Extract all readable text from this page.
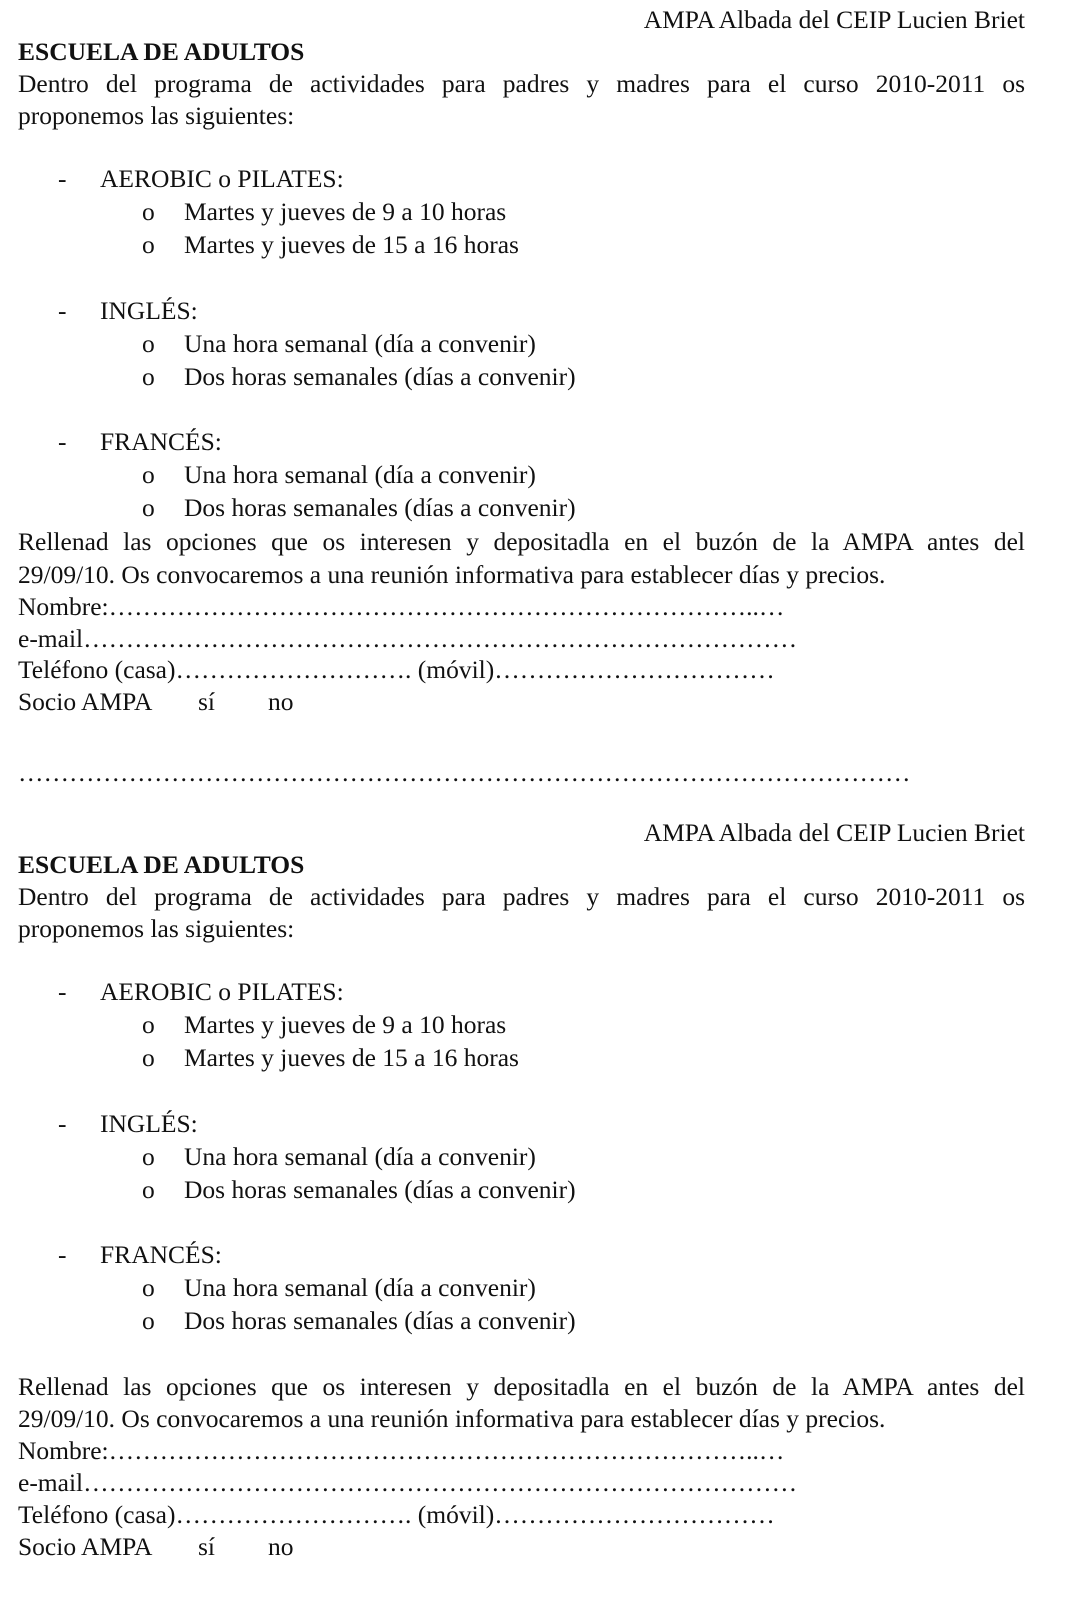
AMPA Albada del CEIP Lucien Briet
ESCUELA DE ADULTOS
Dentro del programa de actividades para padres y madres para el curso 2010-2011 os
proponemos las siguientes:
- AEROBIC o PILATES:
o Martes y jueves de 9 a 10 horas
o Martes y jueves de 15 a 16 horas
- INGLÉS:
o Una hora semanal (día a convenir)
o Dos horas semanales (días a convenir)
- FRANCÉS:
o Una hora semanal (día a convenir)
o Dos horas semanales (días a convenir)
Rellenad las opciones que os interesen y depositadla en el buzón de la AMPA antes del
29/09/10. Os convocaremos a una reunión informativa para establecer días y precios.
Nombre:…………………………………………………………………..…
e-mail…………………………………………………………………………
Teléfono (casa)………………………. (móvil)……………………………
Socio AMPA sí no
……………………………………………………………………………………………
AMPA Albada del CEIP Lucien Briet
ESCUELA DE ADULTOS
Dentro del programa de actividades para padres y madres para el curso 2010-2011 os
proponemos las siguientes:
- AEROBIC o PILATES:
o Martes y jueves de 9 a 10 horas
o Martes y jueves de 15 a 16 horas
- INGLÉS:
o Una hora semanal (día a convenir)
o Dos horas semanales (días a convenir)
- FRANCÉS:
o Una hora semanal (día a convenir)
o Dos horas semanales (días a convenir)
Rellenad las opciones que os interesen y depositadla en el buzón de la AMPA antes del
29/09/10. Os convocaremos a una reunión informativa para establecer días y precios.
Nombre:…………………………………………………………………..…
e-mail…………………………………………………………………………
Teléfono (casa)………………………. (móvil)……………………………
Socio AMPA sí no
